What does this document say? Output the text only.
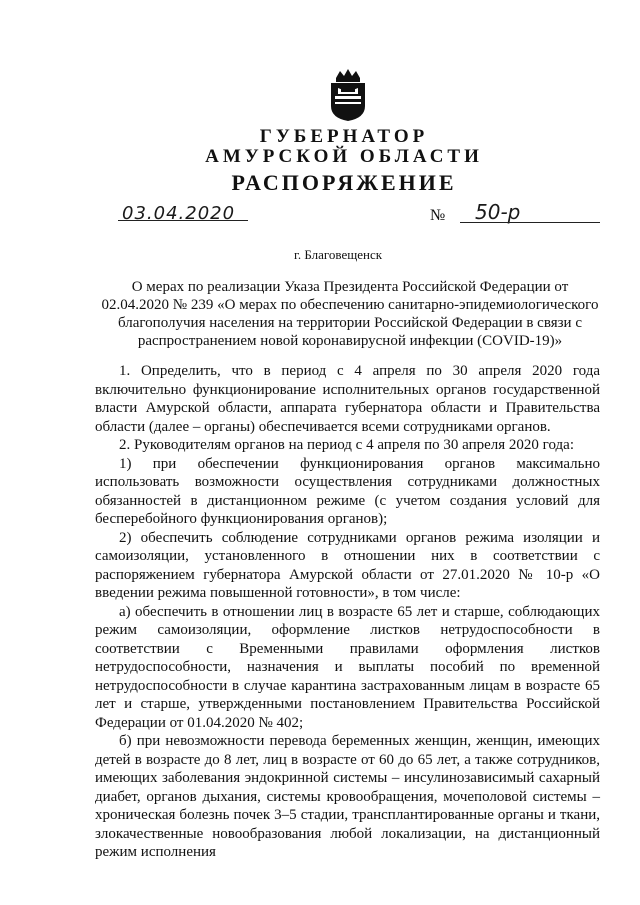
ГУБЕРНАТОР
АМУРСКОЙ ОБЛАСТИ
РАСПОРЯЖЕНИЕ
03.04.2020	№ 50-р
г. Благовещенск
О мерах по реализации Указа Президента Российской Федерации от 02.04.2020 № 239 «О мерах по обеспечению санитарно-эпидемиологического благополучия населения на территории Российской Федерации в связи с распространением новой коронавирусной инфекции (COVID-19)»

1. Определить, что в период с 4 апреля по 30 апреля 2020 года включительно функционирование исполнительных органов государственной власти Амурской области, аппарата губернатора области и Правительства области (далее – органы) обеспечивается всеми сотрудниками органов.

2. Руководителям органов на период с 4 апреля по 30 апреля 2020 года:

1) при обеспечении функционирования органов максимально использовать возможности осуществления сотрудниками должностных обязанностей в дистанционном режиме (с учетом создания условий для бесперебойного функционирования органов);

2) обеспечить соблюдение сотрудниками органов режима изоляции и самоизоляции, установленного в отношении них в соответствии с распоряжением губернатора Амурской области от 27.01.2020 № 10-р «О введении режима повышенной готовности», в том числе:

а) обеспечить в отношении лиц в возрасте 65 лет и старше, соблюдающих режим самоизоляции, оформление листков нетрудоспособности в соответствии с Временными правилами оформления листков нетрудоспособности, назначения и выплаты пособий по временной нетрудоспособности в случае карантина застрахованным лицам в возрасте 65 лет и старше, утвержденными постановлением Правительства Российской Федерации от 01.04.2020 № 402;

б) при невозможности перевода беременных женщин, женщин, имеющих детей в возрасте до 8 лет, лиц в возрасте от 60 до 65 лет, а также сотрудников, имеющих заболевания эндокринной системы – инсулинозависимый сахарный диабет, органов дыхания, системы кровообращения, мочеполовой системы – хроническая болезнь почек 3–5 стадии, трансплантированные органы и ткани, злокачественные новообразования любой локализации, на дистанционный режим исполнения
